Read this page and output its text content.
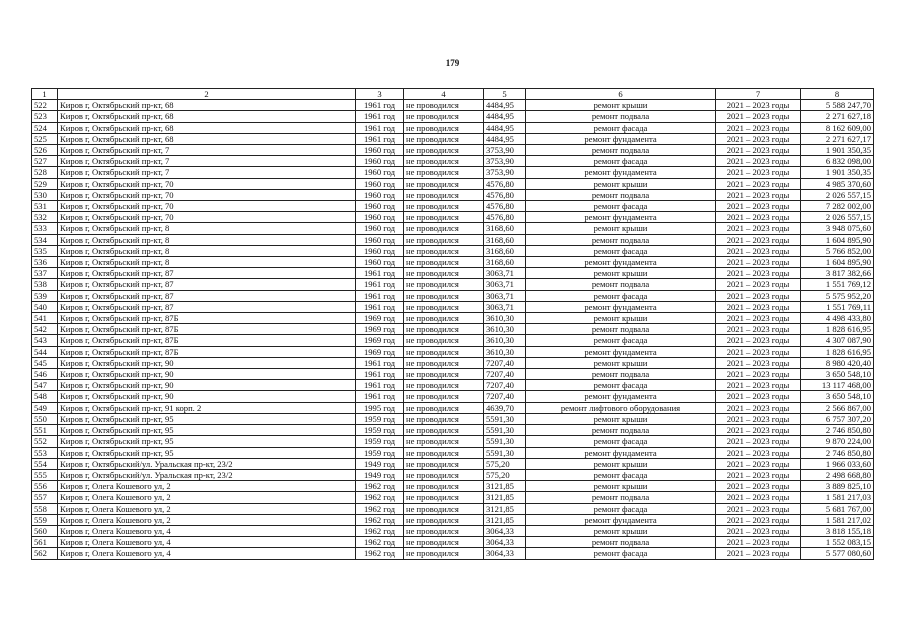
179
1	2	3	4	5	6	7	8
522	Киров г, Октябрьский пр-кт, 68	1961 год	не проводился	4484,95	ремонт крыши	2021 – 2023 годы	5 588 247,70
523	Киров г, Октябрьский пр-кт, 68	1961 год	не проводился	4484,95	ремонт подвала	2021 – 2023 годы	2 271 627,18
524	Киров г, Октябрьский пр-кт, 68	1961 год	не проводился	4484,95	ремонт фасада	2021 – 2023 годы	8 162 609,00
525	Киров г, Октябрьский пр-кт, 68	1961 год	не проводился	4484,95	ремонт фундамента	2021 – 2023 годы	2 271 627,17
526	Киров г, Октябрьский пр-кт, 7	1960 год	не проводился	3753,90	ремонт подвала	2021 – 2023 годы	1 901 350,35
527	Киров г, Октябрьский пр-кт, 7	1960 год	не проводился	3753,90	ремонт фасада	2021 – 2023 годы	6 832 098,00
528	Киров г, Октябрьский пр-кт, 7	1960 год	не проводился	3753,90	ремонт фундамента	2021 – 2023 годы	1 901 350,35
529	Киров г, Октябрьский пр-кт, 70	1960 год	не проводился	4576,80	ремонт крыши	2021 – 2023 годы	4 985 370,60
530	Киров г, Октябрьский пр-кт, 70	1960 год	не проводился	4576,80	ремонт подвала	2021 – 2023 годы	2 026 557,15
531	Киров г, Октябрьский пр-кт, 70	1960 год	не проводился	4576,80	ремонт фасада	2021 – 2023 годы	7 282 002,00
532	Киров г, Октябрьский пр-кт, 70	1960 год	не проводился	4576,80	ремонт фундамента	2021 – 2023 годы	2 026 557,15
533	Киров г, Октябрьский пр-кт, 8	1960 год	не проводился	3168,60	ремонт крыши	2021 – 2023 годы	3 948 075,60
534	Киров г, Октябрьский пр-кт, 8	1960 год	не проводился	3168,60	ремонт подвала	2021 – 2023 годы	1 604 895,90
535	Киров г, Октябрьский пр-кт, 8	1960 год	не проводился	3168,60	ремонт фасада	2021 – 2023 годы	5 766 852,00
536	Киров г, Октябрьский пр-кт, 8	1960 год	не проводился	3168,60	ремонт фундамента	2021 – 2023 годы	1 604 895,90
537	Киров г, Октябрьский пр-кт, 87	1961 год	не проводился	3063,71	ремонт крыши	2021 – 2023 годы	3 817 382,66
538	Киров г, Октябрьский пр-кт, 87	1961 год	не проводился	3063,71	ремонт подвала	2021 – 2023 годы	1 551 769,12
539	Киров г, Октябрьский пр-кт, 87	1961 год	не проводился	3063,71	ремонт фасада	2021 – 2023 годы	5 575 952,20
540	Киров г, Октябрьский пр-кт, 87	1961 год	не проводился	3063,71	ремонт фундамента	2021 – 2023 годы	1 551 769,11
541	Киров г, Октябрьский пр-кт, 87Б	1969 год	не проводился	3610,30	ремонт крыши	2021 – 2023 годы	4 498 433,80
542	Киров г, Октябрьский пр-кт, 87Б	1969 год	не проводился	3610,30	ремонт подвала	2021 – 2023 годы	1 828 616,95
543	Киров г, Октябрьский пр-кт, 87Б	1969 год	не проводился	3610,30	ремонт фасада	2021 – 2023 годы	4 307 087,90
544	Киров г, Октябрьский пр-кт, 87Б	1969 год	не проводился	3610,30	ремонт фундамента	2021 – 2023 годы	1 828 616,95
545	Киров г, Октябрьский пр-кт, 90	1961 год	не проводился	7207,40	ремонт крыши	2021 – 2023 годы	8 980 420,40
546	Киров г, Октябрьский пр-кт, 90	1961 год	не проводился	7207,40	ремонт подвала	2021 – 2023 годы	3 650 548,10
547	Киров г, Октябрьский пр-кт, 90	1961 год	не проводился	7207,40	ремонт фасада	2021 – 2023 годы	13 117 468,00
548	Киров г, Октябрьский пр-кт, 90	1961 год	не проводился	7207,40	ремонт фундамента	2021 – 2023 годы	3 650 548,10
549	Киров г, Октябрьский пр-кт, 91 корп. 2	1995 год	не проводился	4639,70	ремонт лифтового оборудования	2021 – 2023 годы	2 566 867,00
550	Киров г, Октябрьский пр-кт, 95	1959 год	не проводился	5591,30	ремонт крыши	2021 – 2023 годы	6 757 307,20
551	Киров г, Октябрьский пр-кт, 95	1959 год	не проводился	5591,30	ремонт подвала	2021 – 2023 годы	2 746 850,80
552	Киров г, Октябрьский пр-кт, 95	1959 год	не проводился	5591,30	ремонт фасада	2021 – 2023 годы	9 870 224,00
553	Киров г, Октябрьский пр-кт, 95	1959 год	не проводился	5591,30	ремонт фундамента	2021 – 2023 годы	2 746 850,80
554	Киров г, Октябрьский/ул. Уральская пр-кт, 23/2	1949 год	не проводился	575,20	ремонт крыши	2021 – 2023 годы	1 966 033,60
555	Киров г, Октябрьский/ул. Уральская пр-кт, 23/2	1949 год	не проводился	575,20	ремонт фасада	2021 – 2023 годы	2 498 668,80
556	Киров г, Олега Кошевого ул, 2	1962 год	не проводился	3121,85	ремонт крыши	2021 – 2023 годы	3 889 825,10
557	Киров г, Олега Кошевого ул, 2	1962 год	не проводился	3121,85	ремонт подвала	2021 – 2023 годы	1 581 217,03
558	Киров г, Олега Кошевого ул, 2	1962 год	не проводился	3121,85	ремонт фасада	2021 – 2023 годы	5 681 767,00
559	Киров г, Олега Кошевого ул, 2	1962 год	не проводился	3121,85	ремонт фундамента	2021 – 2023 годы	1 581 217,02
560	Киров г, Олега Кошевого ул, 4	1962 год	не проводился	3064,33	ремонт крыши	2021 – 2023 годы	3 818 155,18
561	Киров г, Олега Кошевого ул, 4	1962 год	не проводился	3064,33	ремонт подвала	2021 – 2023 годы	1 552 083,15
562	Киров г, Олега Кошевого ул, 4	1962 год	не проводился	3064,33	ремонт фасада	2021 – 2023 годы	5 577 080,60
